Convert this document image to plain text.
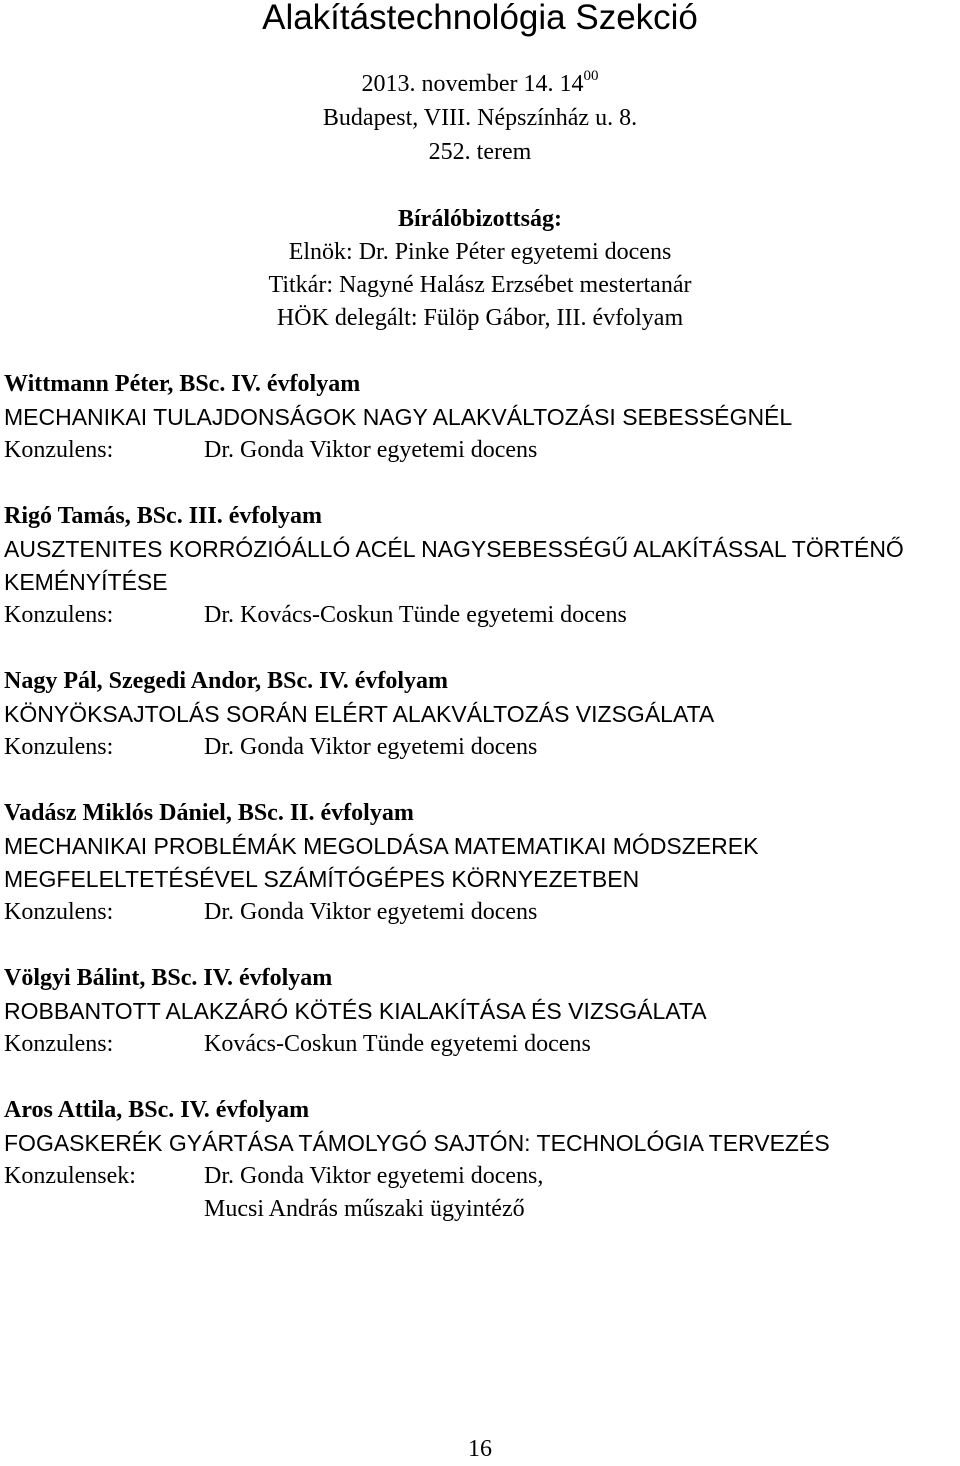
Alakítástechnológia Szekció
2013. november 14. $14^{00}$
Budapest, VIII. Népszínház u. 8.
252. terem
Bírálóbizottság:
Elnök: Dr. Pinke Péter egyetemi docens
Titkár: Nagyné Halász Erzsébet mestertanár
HÖK delegált: Fülöp Gábor, III. évfolyam
Wittmann Péter, BSc. IV. évfolyam
MECHANIKAI TULAJDONSÁGOK NAGY ALAKVÁLTOZÁSI SEBESSÉGNÉL
Konzulens:	Dr. Gonda Viktor egyetemi docens
Rigó Tamás, BSc. III. évfolyam
AUSZTENITES KORRÓZIÓÁLLÓ ACÉL NAGYSEBESSÉGŰ ALAKÍTÁSSAL TÖRTÉNŐ KEMÉNYÍTÉSE
Konzulens:	Dr. Kovács-Coskun Tünde egyetemi docens
Nagy Pál, Szegedi Andor, BSc. IV. évfolyam
KÖNYÖKSAJTOLÁS SORÁN ELÉRT ALAKVÁLTOZÁS VIZSGÁLATA
Konzulens:	Dr. Gonda Viktor egyetemi docens
Vadász Miklós Dániel, BSc. II. évfolyam
MECHANIKAI PROBLÉMÁK MEGOLDÁSA MATEMATIKAI MÓDSZEREK MEGFELELTETÉSÉVEL SZÁMÍTÓGÉPES KÖRNYEZETBEN
Konzulens:	Dr. Gonda Viktor egyetemi docens
Völgyi Bálint, BSc. IV. évfolyam
ROBBANTOTT ALAKZÁRÓ KÖTÉS KIALAKÍTÁSA ÉS VIZSGÁLATA
Konzulens:	Kovács-Coskun Tünde egyetemi docens
Aros Attila, BSc. IV. évfolyam
FOGASKERÉK GYÁRTÁSA TÁMOLYGÓ SAJTÓN: TECHNOLÓGIA TERVEZÉS
Konzulensek:	Dr. Gonda Viktor egyetemi docens,
Mucsi András műszaki ügyintéző
16
